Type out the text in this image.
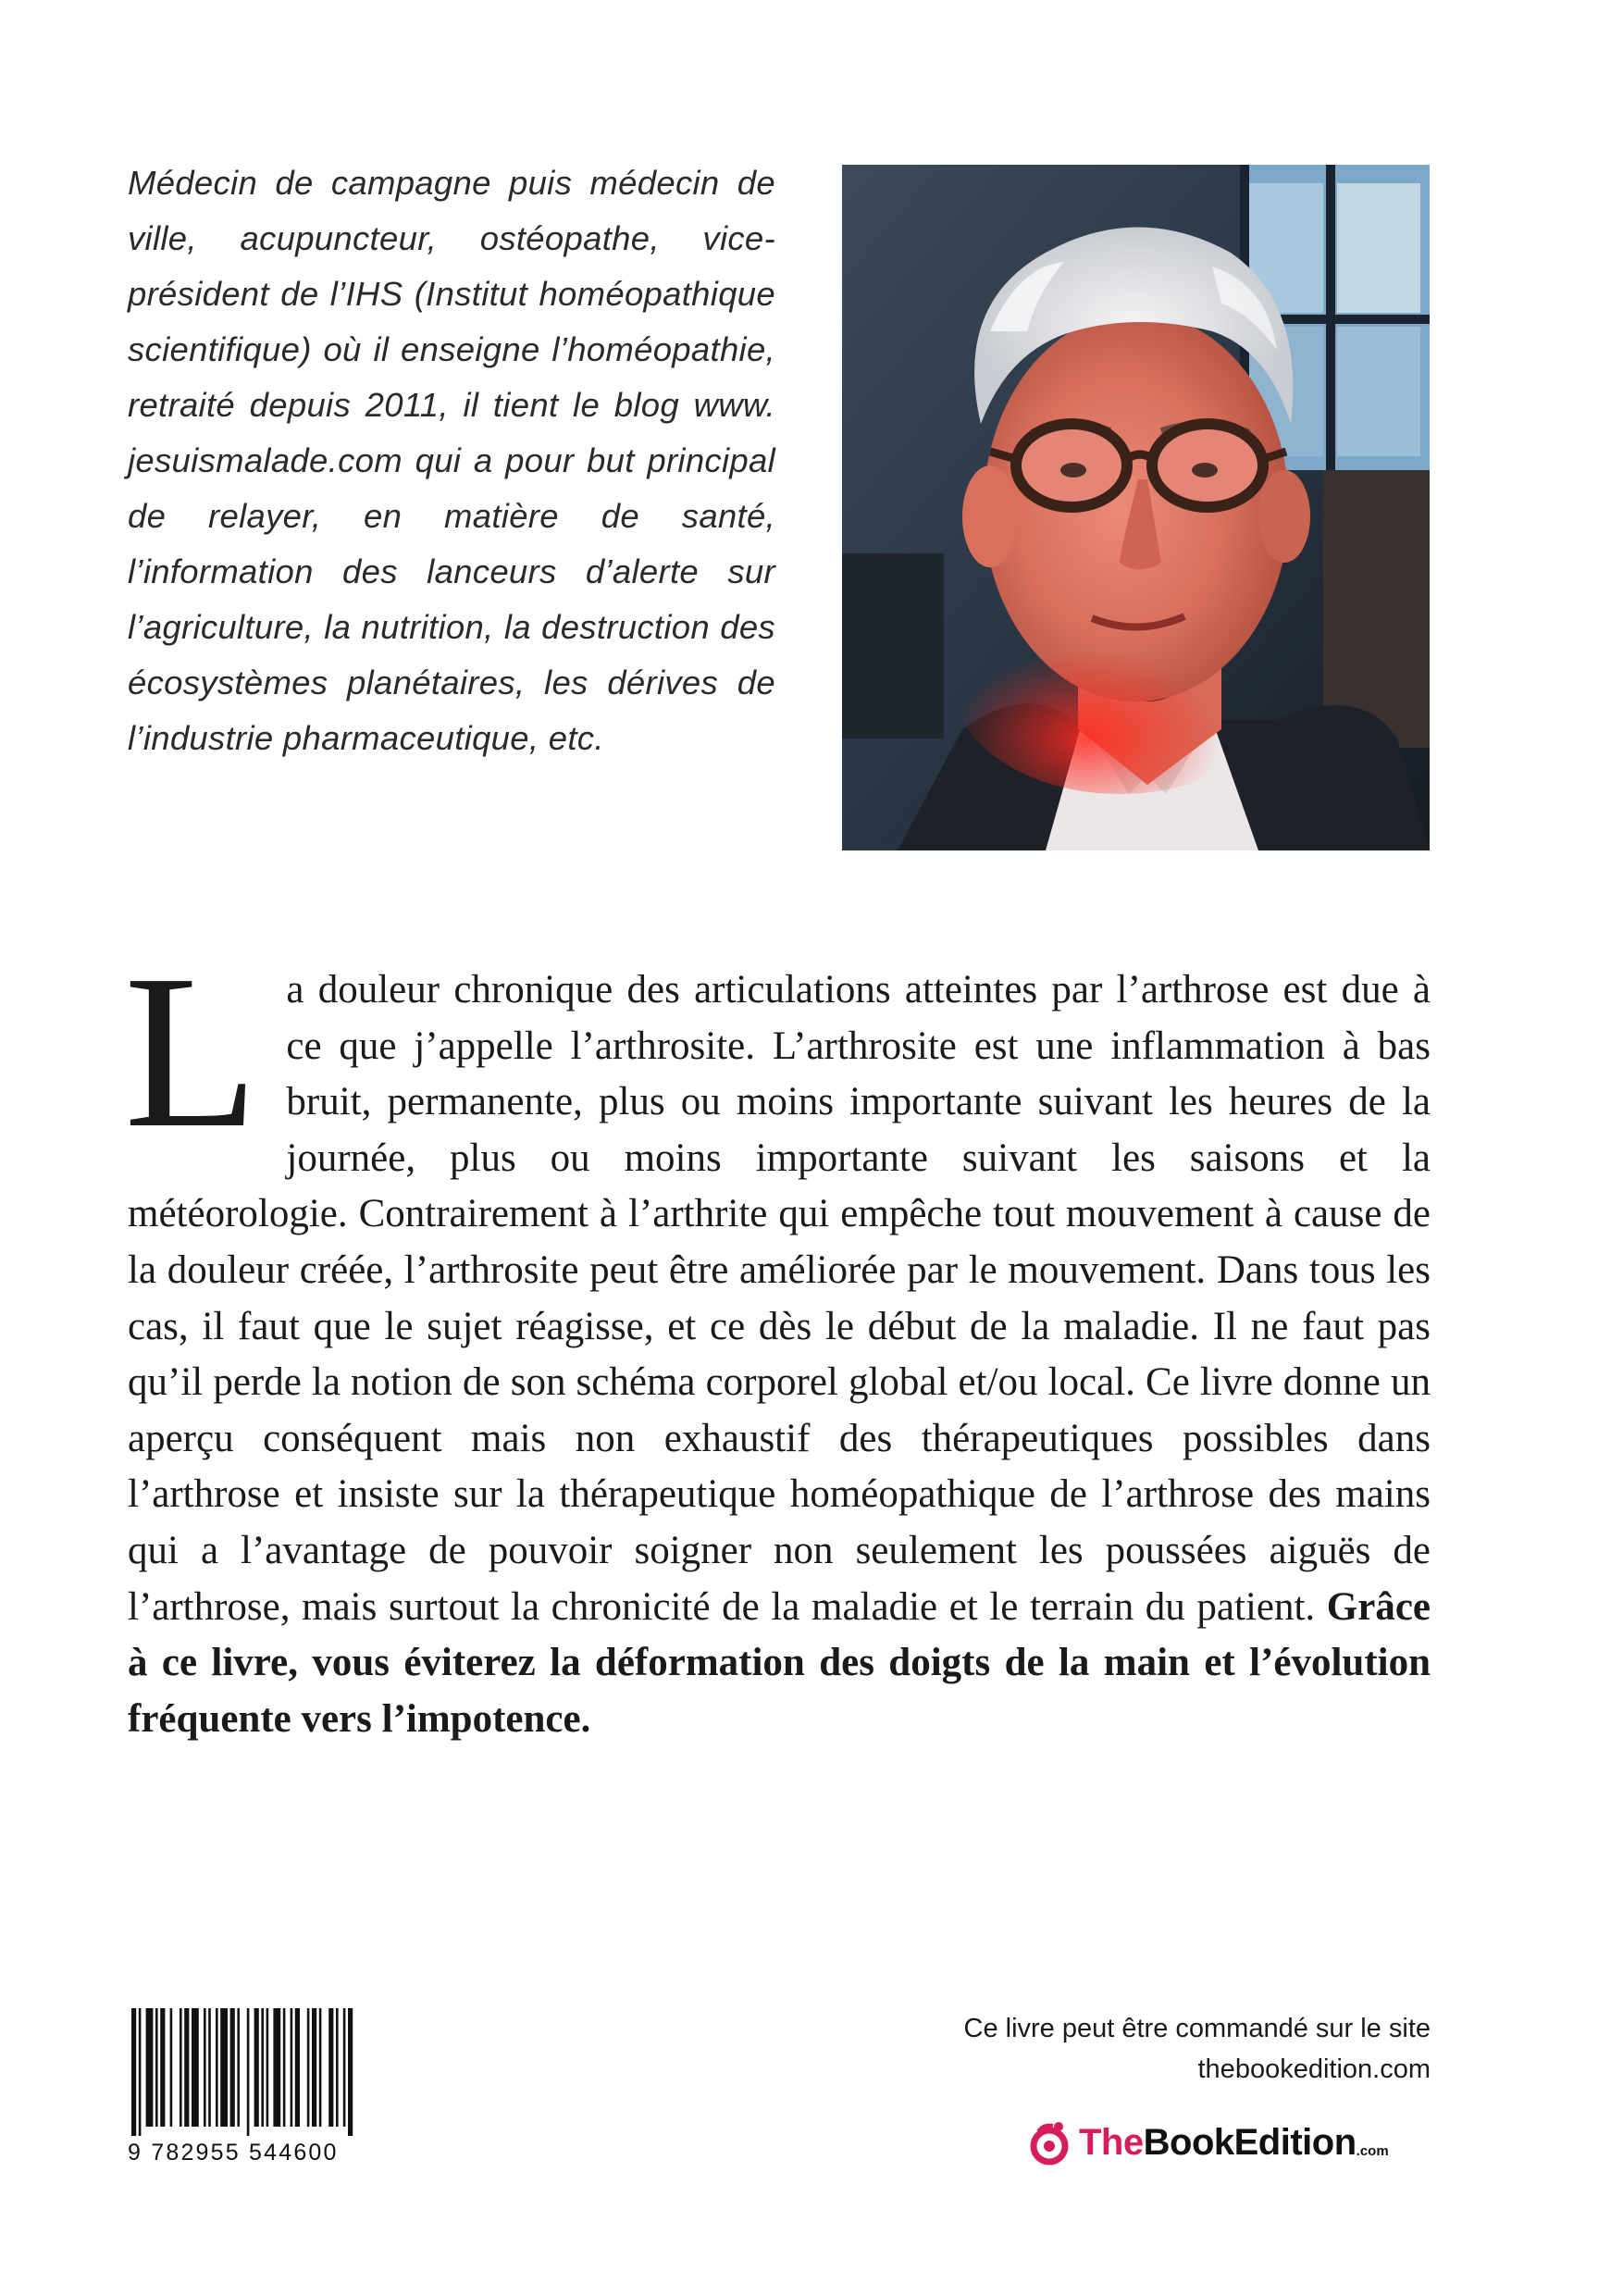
Médecin de campagne puis médecin de ville, acupuncteur, ostéopathe, vice-président de l’IHS (Institut homéopathique scientifique) où il enseigne l’homéopathie, retraité depuis 2011, il tient le blog www. jesuismalade.com qui a pour but principal de relayer, en matière de santé, l’information des lanceurs d’alerte sur l’agriculture, la nutrition, la destruction des écosystèmes planétaires, les dérives de l’industrie pharmaceutique, etc.

La douleur chronique des articulations atteintes par l’arthrose est due à ce que j’appelle l’arthrosite. L’arthrosite est une inflammation à bas bruit, permanente, plus ou moins importante suivant les heures de la journée, plus ou moins importante suivant les saisons et la météorologie. Contrairement à l’arthrite qui empêche tout mouvement à cause de la douleur créée, l’arthrosite peut être améliorée par le mouvement. Dans tous les cas, il faut que le sujet réagisse, et ce dès le début de la maladie. Il ne faut pas qu’il perde la notion de son schéma corporel global et/ou local. Ce livre donne un aperçu conséquent mais non exhaustif des thérapeutiques possibles dans l’arthrose et insiste sur la thérapeutique homéopathique de l’arthrose des mains qui a l’avantage de pouvoir soigner non seulement les poussées aiguës de l’arthrose, mais surtout la chronicité de la maladie et le terrain du patient. Grâce à ce livre, vous éviterez la déformation des doigts de la main et l’évolution fréquente vers l’impotence.
9 782955 544600
Ce livre peut être commandé sur le site
thebookedition.com
TheBookEdition .com
